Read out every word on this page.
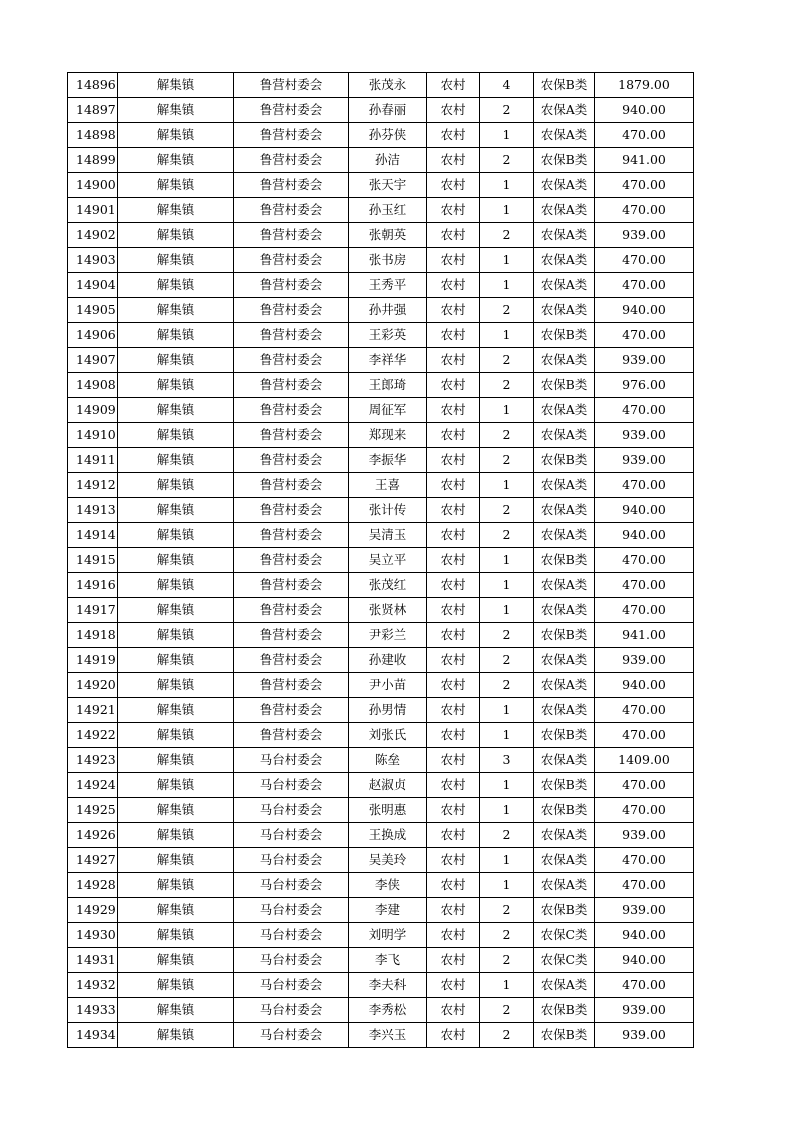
14896	解集镇	鲁营村委会	张茂永	农村	4	农保B类	1879.00
14897	解集镇	鲁营村委会	孙春丽	农村	2	农保A类	940.00
14898	解集镇	鲁营村委会	孙芬侠	农村	1	农保A类	470.00
14899	解集镇	鲁营村委会	孙洁	农村	2	农保B类	941.00
14900	解集镇	鲁营村委会	张天宇	农村	1	农保A类	470.00
14901	解集镇	鲁营村委会	孙玉红	农村	1	农保A类	470.00
14902	解集镇	鲁营村委会	张朝英	农村	2	农保A类	939.00
14903	解集镇	鲁营村委会	张书房	农村	1	农保A类	470.00
14904	解集镇	鲁营村委会	王秀平	农村	1	农保A类	470.00
14905	解集镇	鲁营村委会	孙井强	农村	2	农保A类	940.00
14906	解集镇	鲁营村委会	王彩英	农村	1	农保B类	470.00
14907	解集镇	鲁营村委会	李祥华	农村	2	农保A类	939.00
14908	解集镇	鲁营村委会	王郎琦	农村	2	农保B类	976.00
14909	解集镇	鲁营村委会	周征军	农村	1	农保A类	470.00
14910	解集镇	鲁营村委会	郑现来	农村	2	农保A类	939.00
14911	解集镇	鲁营村委会	李振华	农村	2	农保B类	939.00
14912	解集镇	鲁营村委会	王喜	农村	1	农保A类	470.00
14913	解集镇	鲁营村委会	张计传	农村	2	农保A类	940.00
14914	解集镇	鲁营村委会	吴清玉	农村	2	农保A类	940.00
14915	解集镇	鲁营村委会	吴立平	农村	1	农保B类	470.00
14916	解集镇	鲁营村委会	张茂红	农村	1	农保A类	470.00
14917	解集镇	鲁营村委会	张贤林	农村	1	农保A类	470.00
14918	解集镇	鲁营村委会	尹彩兰	农村	2	农保B类	941.00
14919	解集镇	鲁营村委会	孙建收	农村	2	农保A类	939.00
14920	解集镇	鲁营村委会	尹小苗	农村	2	农保A类	940.00
14921	解集镇	鲁营村委会	孙男情	农村	1	农保A类	470.00
14922	解集镇	鲁营村委会	刘张氏	农村	1	农保B类	470.00
14923	解集镇	马台村委会	陈垒	农村	3	农保A类	1409.00
14924	解集镇	马台村委会	赵淑贞	农村	1	农保B类	470.00
14925	解集镇	马台村委会	张明惠	农村	1	农保B类	470.00
14926	解集镇	马台村委会	王换成	农村	2	农保A类	939.00
14927	解集镇	马台村委会	吴美玲	农村	1	农保A类	470.00
14928	解集镇	马台村委会	李侠	农村	1	农保A类	470.00
14929	解集镇	马台村委会	李建	农村	2	农保B类	939.00
14930	解集镇	马台村委会	刘明学	农村	2	农保C类	940.00
14931	解集镇	马台村委会	李飞	农村	2	农保C类	940.00
14932	解集镇	马台村委会	李夫科	农村	1	农保A类	470.00
14933	解集镇	马台村委会	李秀松	农村	2	农保B类	939.00
14934	解集镇	马台村委会	李兴玉	农村	2	农保B类	939.00
